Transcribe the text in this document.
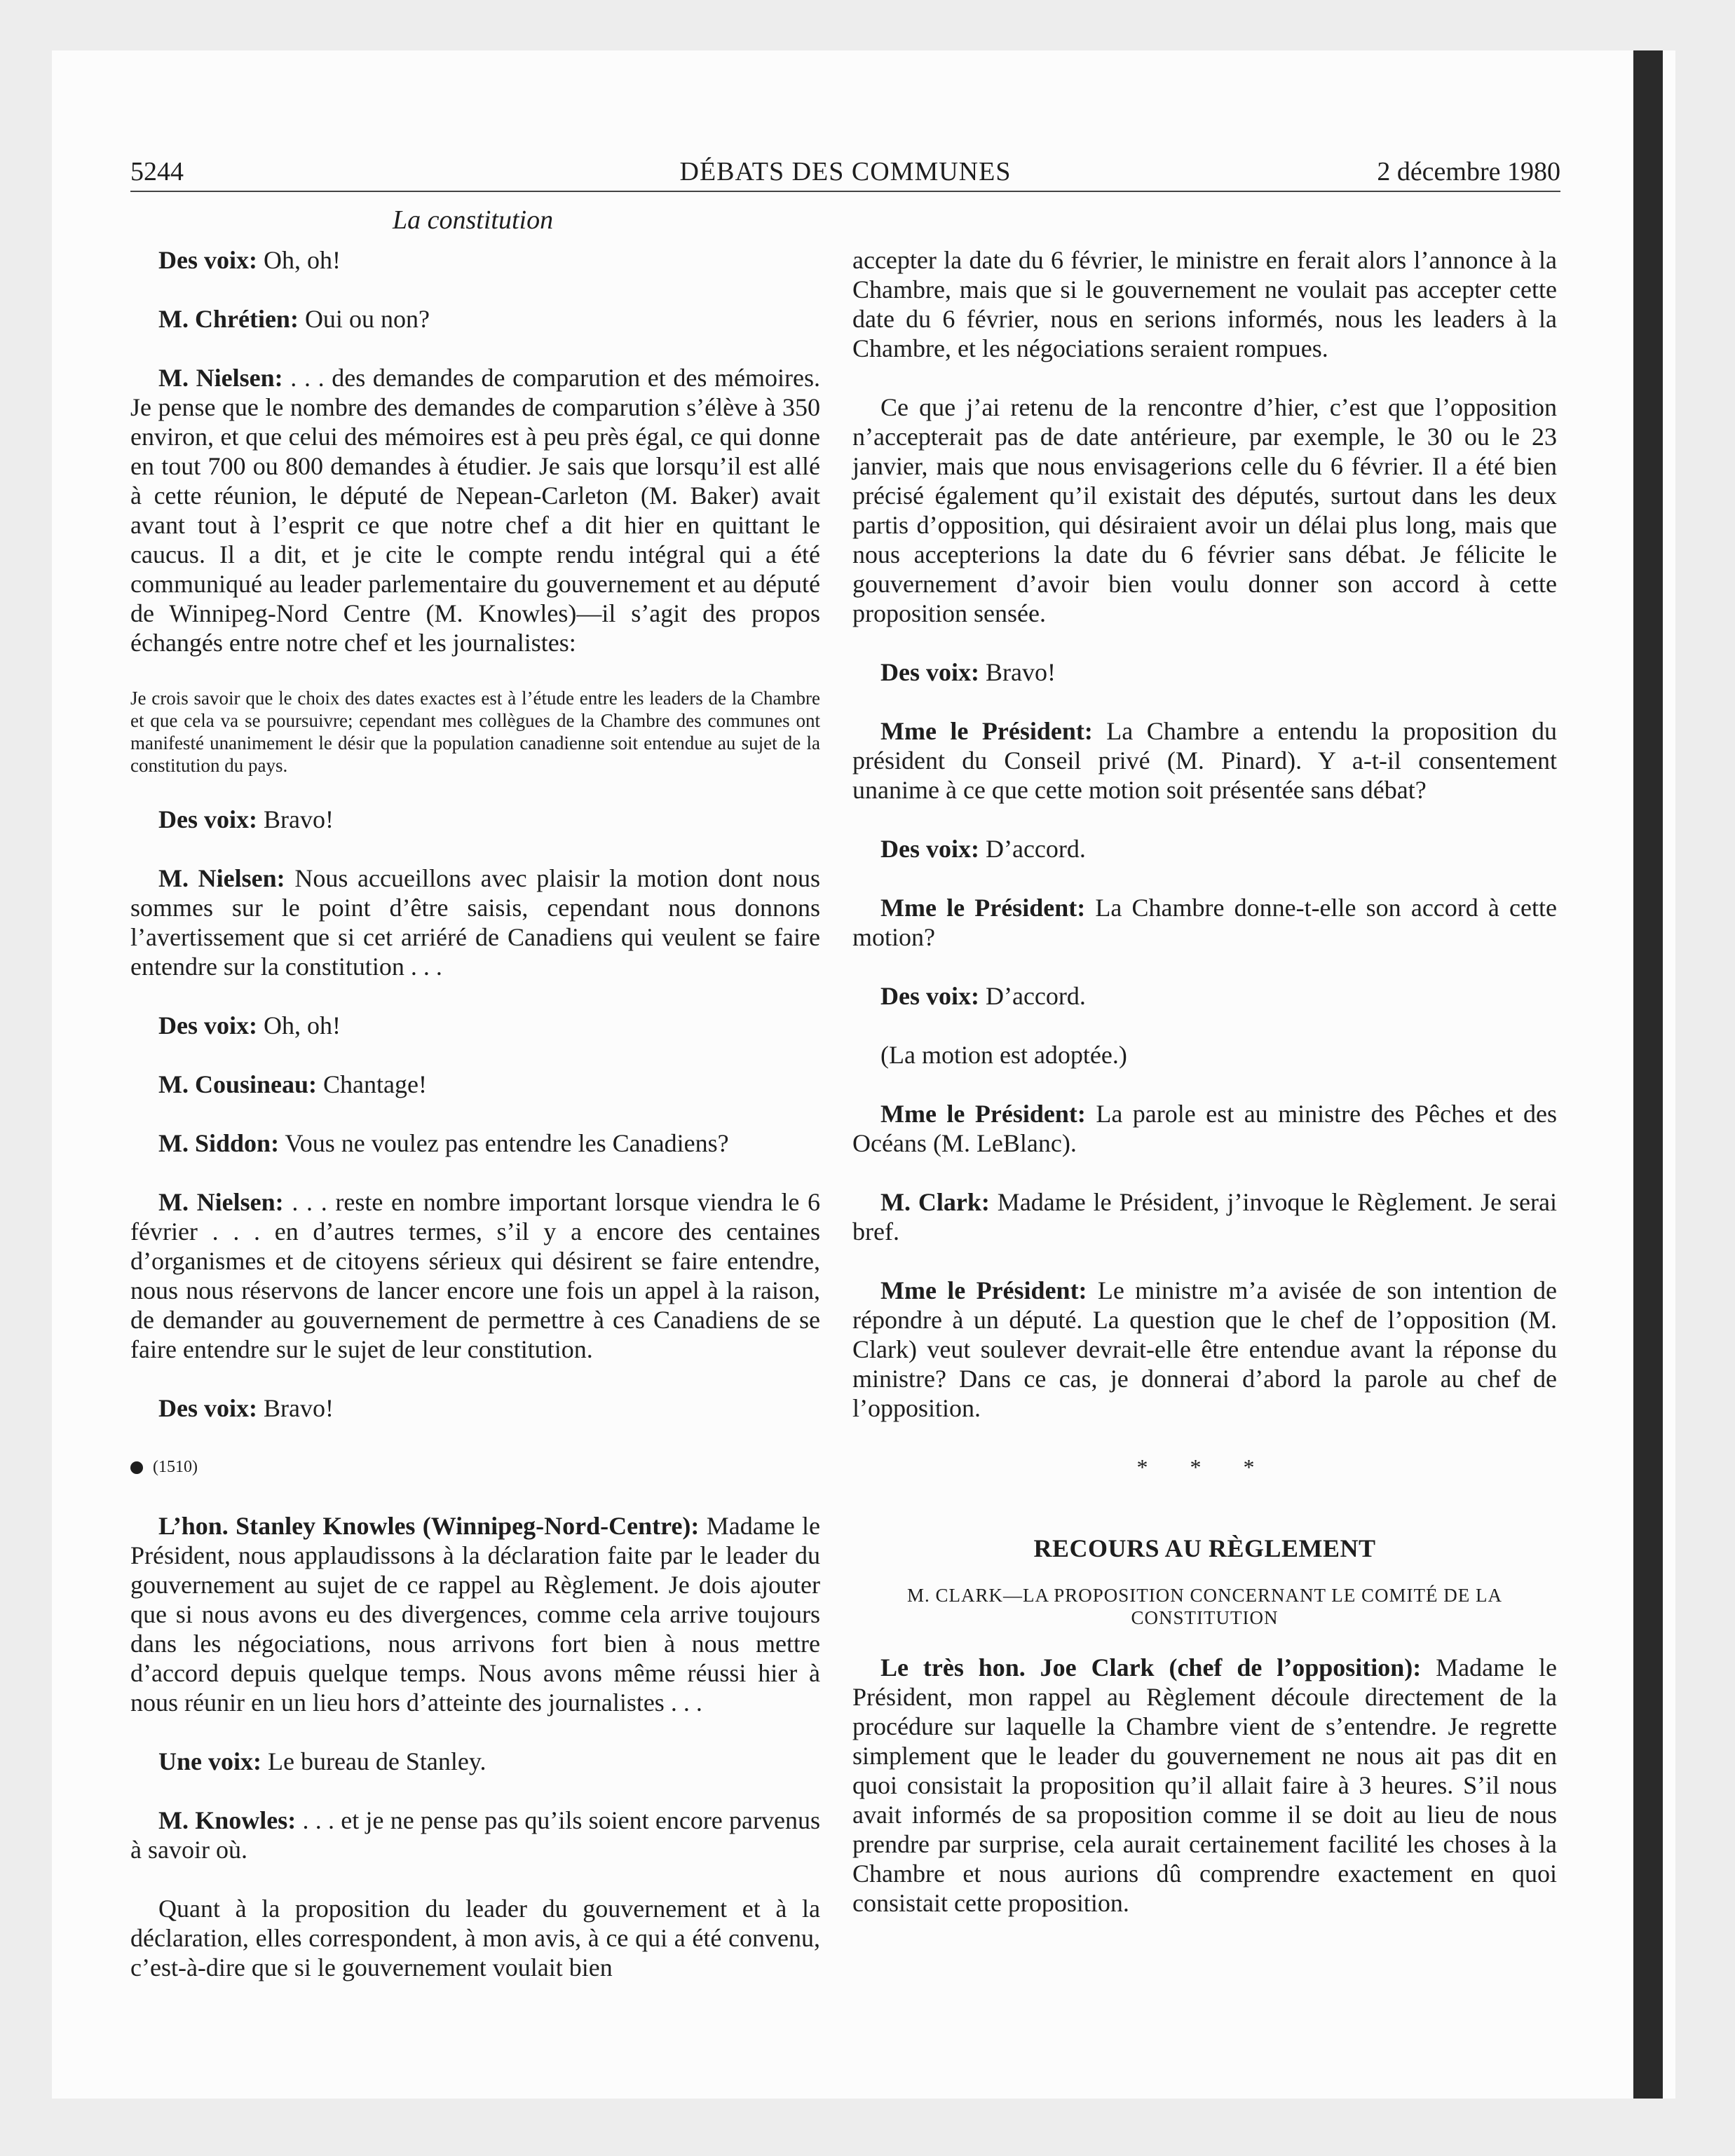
5244	DÉBATS DES COMMUNES	2 décembre 1980
La constitution

Des voix: Oh, oh!

M. Chrétien: Oui ou non?

M. Nielsen: . . . des demandes de comparution et des mémoires. Je pense que le nombre des demandes de comparution s’élève à 350 environ, et que celui des mémoires est à peu près égal, ce qui donne en tout 700 ou 800 demandes à étudier. Je sais que lorsqu’il est allé à cette réunion, le député de Nepean-Carleton (M. Baker) avait avant tout à l’esprit ce que notre chef a dit hier en quittant le caucus. Il a dit, et je cite le compte rendu intégral qui a été communiqué au leader parlementaire du gouvernement et au député de Winnipeg-Nord Centre (M. Knowles)—il s’agit des propos échangés entre notre chef et les journalistes:

Je crois savoir que le choix des dates exactes est à l’étude entre les leaders de la Chambre et que cela va se poursuivre; cependant mes collègues de la Chambre des communes ont manifesté unanimement le désir que la population canadienne soit entendue au sujet de la constitution du pays.

Des voix: Bravo!

M. Nielsen: Nous accueillons avec plaisir la motion dont nous sommes sur le point d’être saisis, cependant nous donnons l’avertissement que si cet arriéré de Canadiens qui veulent se faire entendre sur la constitution . . .

Des voix: Oh, oh!

M. Cousineau: Chantage!

M. Siddon: Vous ne voulez pas entendre les Canadiens?

M. Nielsen: . . . reste en nombre important lorsque viendra le 6 février . . . en d’autres termes, s’il y a encore des centaines d’organismes et de citoyens sérieux qui désirent se faire entendre, nous nous réservons de lancer encore une fois un appel à la raison, de demander au gouvernement de permettre à ces Canadiens de se faire entendre sur le sujet de leur constitution.

Des voix: Bravo!

(1510)

L’hon. Stanley Knowles (Winnipeg-Nord-Centre): Madame le Président, nous applaudissons à la déclaration faite par le leader du gouvernement au sujet de ce rappel au Règlement. Je dois ajouter que si nous avons eu des divergences, comme cela arrive toujours dans les négociations, nous arrivons fort bien à nous mettre d’accord depuis quelque temps. Nous avons même réussi hier à nous réunir en un lieu hors d’atteinte des journalistes . . .

Une voix: Le bureau de Stanley.

M. Knowles: . . . et je ne pense pas qu’ils soient encore parvenus à savoir où.

Quant à la proposition du leader du gouvernement et à la déclaration, elles correspondent, à mon avis, à ce qui a été convenu, c’est-à-dire que si le gouvernement voulait bien

accepter la date du 6 février, le ministre en ferait alors l’annonce à la Chambre, mais que si le gouvernement ne voulait pas accepter cette date du 6 février, nous en serions informés, nous les leaders à la Chambre, et les négociations seraient rompues.

Ce que j’ai retenu de la rencontre d’hier, c’est que l’opposition n’accepterait pas de date antérieure, par exemple, le 30 ou le 23 janvier, mais que nous envisagerions celle du 6 février. Il a été bien précisé également qu’il existait des députés, surtout dans les deux partis d’opposition, qui désiraient avoir un délai plus long, mais que nous accepterions la date du 6 février sans débat. Je félicite le gouvernement d’avoir bien voulu donner son accord à cette proposition sensée.

Des voix: Bravo!

Mme le Président: La Chambre a entendu la proposition du président du Conseil privé (M. Pinard). Y a-t-il consentement unanime à ce que cette motion soit présentée sans débat?

Des voix: D’accord.

Mme le Président: La Chambre donne-t-elle son accord à cette motion?

Des voix: D’accord.

(La motion est adoptée.)

Mme le Président: La parole est au ministre des Pêches et des Océans (M. LeBlanc).

M. Clark: Madame le Président, j’invoque le Règlement. Je serai bref.

Mme le Président: Le ministre m’a avisée de son intention de répondre à un député. La question que le chef de l’opposition (M. Clark) veut soulever devrait-elle être entendue avant la réponse du ministre? Dans ce cas, je donnerai d’abord la parole au chef de l’opposition.

* * *

RECOURS AU RÈGLEMENT

M. CLARK—LA PROPOSITION CONCERNANT LE COMITÉ DE LA CONSTITUTION

Le très hon. Joe Clark (chef de l’opposition): Madame le Président, mon rappel au Règlement découle directement de la procédure sur laquelle la Chambre vient de s’entendre. Je regrette simplement que le leader du gouvernement ne nous ait pas dit en quoi consistait la proposition qu’il allait faire à 3 heures. S’il nous avait informés de sa proposition comme il se doit au lieu de nous prendre par surprise, cela aurait certainement facilité les choses à la Chambre et nous aurions dû comprendre exactement en quoi consistait cette proposition.
